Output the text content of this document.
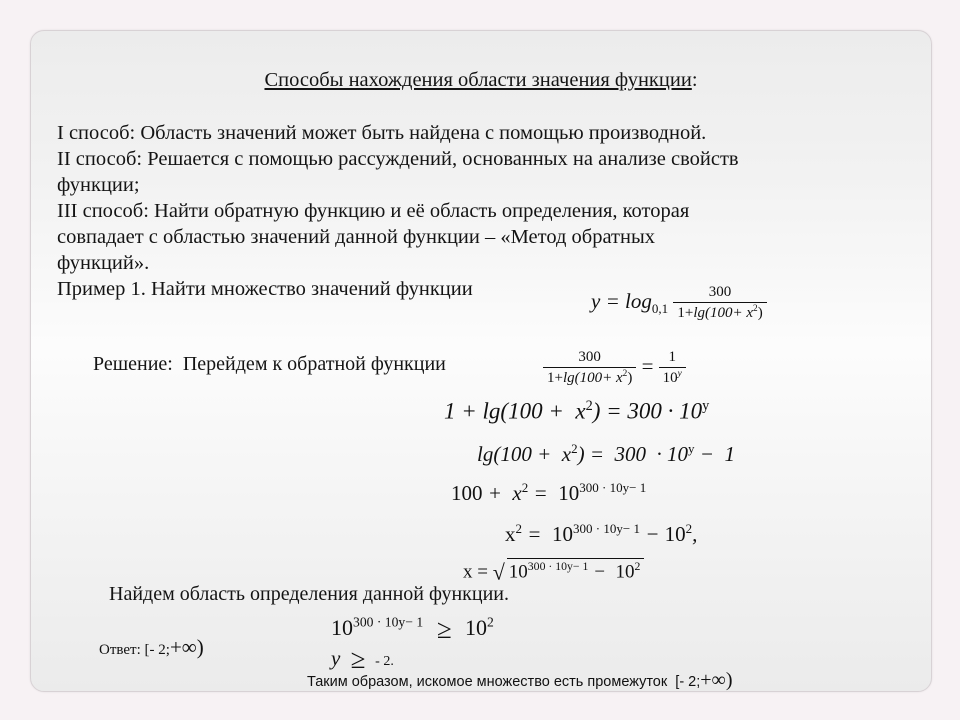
Способы нахождения области значения функции:
I способ: Область значений может быть найдена с помощью производной.
II способ: Решается с помощью рассуждений, основанных на анализе свойств
функции;
III способ: Найти обратную функцию и её область определения, которая
совпадает с областью значений данной функции – «Метод обратных
функций».
Пример 1. Найти множество значений функции	$y = \log_{0,1} \frac{300}{1+\lg(100+ x^2)}$
Решение: Перейдем к обратной функции	$\frac{300}{1+\lg(100+ x^2)} = \frac{1}{10^y}$
$1 + \lg(100 + x^2) = 300 \cdot 10^y$
$\lg(100 + x^2) = 300 \cdot 10^y - 1$
$100 + x^2 = 10^{300 \cdot 10y- 1}$
$x^2 = 10^{300 \cdot 10y- 1} - 10^2$,
x = √ $10^{300 \cdot 10y- 1} - 10^2$
Найдем область определения данной функции.
$10^{300 \cdot 10y- 1} \ge 10^2$
y ≥ - 2.
Ответ: [- 2;+∞)
Таким образом, искомое множество есть промежуток [- 2;+∞)
